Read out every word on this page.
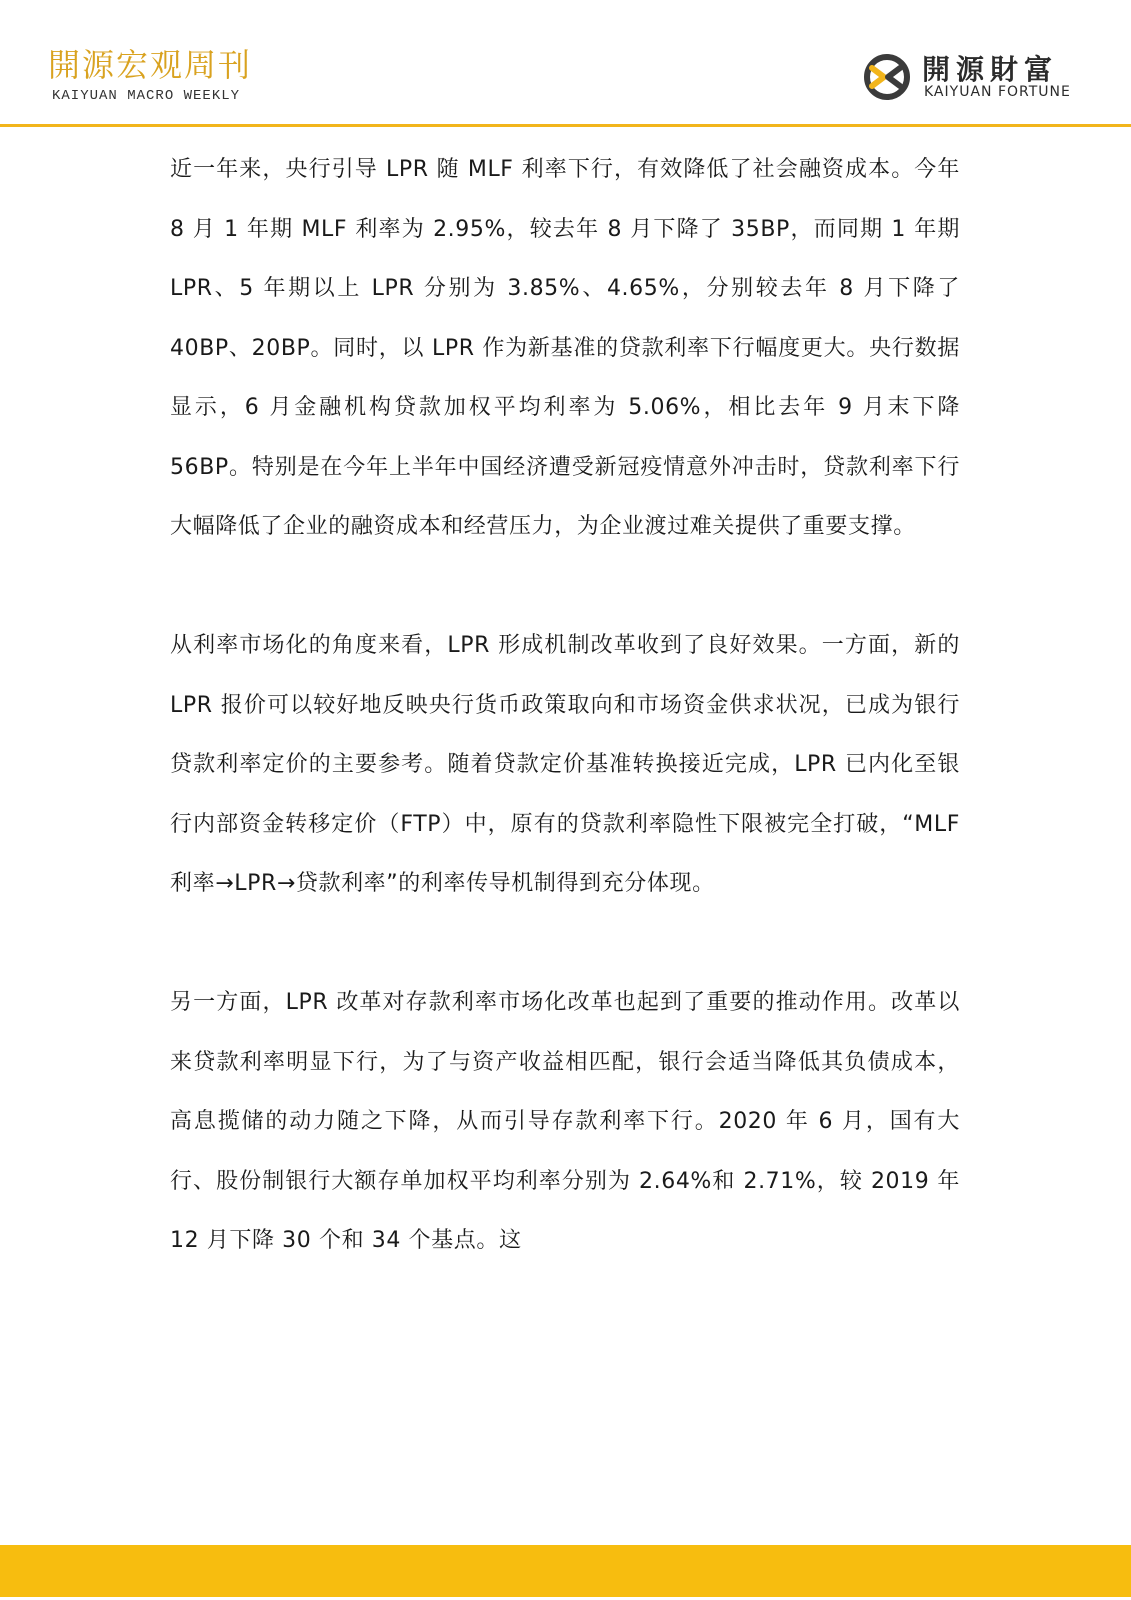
開源宏观周刊
KAIYUAN MACRO WEEKLY
開源財富
KAIYUAN FORTUNE

近一年来，央行引导 LPR 随 MLF 利率下行，有效降低了社会融资成本。今年 8 月 1 年期 MLF 利率为 2.95%，较去年 8 月下降了 35BP，而同期 1 年期 LPR、5 年期以上 LPR 分别为 3.85%、4.65%，分别较去年 8 月下降了 40BP、20BP。同时，以 LPR 作为新基准的贷款利率下行幅度更大。央行数据显示，6 月金融机构贷款加权平均利率为 5.06%，相比去年 9 月末下降 56BP。特别是在今年上半年中国经济遭受新冠疫情意外冲击时，贷款利率下行大幅降低了企业的融资成本和经营压力，为企业渡过难关提供了重要支撑。

从利率市场化的角度来看，LPR 形成机制改革收到了良好效果。一方面，新的 LPR 报价可以较好地反映央行货币政策取向和市场资金供求状况，已成为银行贷款利率定价的主要参考。随着贷款定价基准转换接近完成，LPR 已内化至银行内部资金转移定价（FTP）中，原有的贷款利率隐性下限被完全打破，“MLF 利率→LPR→贷款利率”的利率传导机制得到充分体现。

另一方面，LPR 改革对存款利率市场化改革也起到了重要的推动作用。改革以来贷款利率明显下行，为了与资产收益相匹配，银行会适当降低其负债成本，高息揽储的动力随之下降，从而引导存款利率下行。2020 年 6 月，国有大行、股份制银行大额存单加权平均利率分别为 2.64%和 2.71%，较 2019 年 12 月下降 30 个和 34 个基点。这
